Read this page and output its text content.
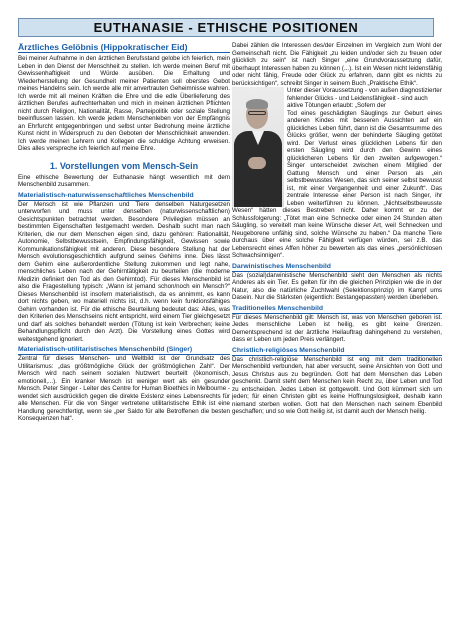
EUTHANASIE - ETHISCHE POSITIONEN
Ärztliches Gelöbnis (Hippokratischer Eid)

Bei meiner Aufnahme in den ärztlichen Berufsstand gelobe ich feierlich, mein Leben in den Dienst der Menschheit zu stellen. Ich werde meinen Beruf mit Gewissenhaftigkeit und Würde ausüben. Die Erhaltung und Wiederherstellung der Gesundheit meiner Patienten soll oberstes Gebot meines Handelns sein. Ich werde alle mir anvertrauten Geheimnisse wahren. Ich werde mit all meinen Kräften die Ehre und die edle Überlieferung des ärztlichen Berufes aufrechterhalten und mich in meinen ärztlichen Pflichten nicht durch Religion, Nationalität, Rasse, Parteipolitik oder soziale Stellung beeinflussen lassen. Ich werde jedem Menschenleben von der Empfängnis an Ehrfurcht entgegenbringen und selbst unter Bedrohung meine ärztliche Kunst nicht in Widerspruch zu den Geboten der Menschlichkeit anwenden. Ich werde meinen Lehrern und Kollegen die schuldige Achtung erweisen. Dies alles verspreche ich feierlich auf meine Ehre.

1. Vorstellungen vom Mensch-Sein

Eine ethische Bewertung der Euthanasie hängt wesentlich mit dem Menschenbild zusammen.

Materialistisch-naturwissenschaftliches Menschenbild

Der Mensch ist wie Pflanzen und Tiere denselben Naturgesetzen unterworfen und muss unter denselben (naturwissenschaftlichen) Gesichtspunkten betrachtet werden. Besondere Privilegien müssen an bestimmten Eigenschaften festgemacht werden. Deshalb sucht man nach Kriterien, die nur dem Menschen eigen sind, dazu gehören: Rationalität, Autonomie, Selbstbewusstsein, Empfindungsfähigkeit, Gewissen sowie Kommunikationsfähigkeit mit anderen. Diese besondere Stellung hat der Mensch evolutionsgeschichtlich aufgrund seines Gehirns inne. Dies lässt dem Gehirn eine außerordentliche Stellung zukommen und legt nahe, menschliches Leben nach der Gehirntätigkeit zu beurteilen (die moderne Medizin definiert den Tod als den Gehirntod). Für dieses Menschenbild ist also die Fragestellung typisch: „Wann ist jemand schon/noch ein Mensch?“ Dieses Menschenbild ist insofern materialistisch, da es annimmt, es kann dort nichts geben, wo materiell nichts ist, d.h. wenn kein funktionsfähiges Gehirn vorhanden ist. Für die ethische Beurteilung bedeutet das: Alles, was den Kriterien des Menschseins nicht entspricht, wird einem Tier gleichgesetzt und darf als solches behandelt werden (Tötung ist kein Verbrechen; keine Behandlungspflicht durch den Arzt). Die Vorstellung eines Gottes wird weitestgehend ignoriert.

Materialistisch-utilitaristisches Menschenbild (Singer)

Zentral für dieses Menschen- und Weltbild ist der Grundsatz des Utilitarismus: „das größtmögliche Glück der größtmöglichen Zahl“. Der Mensch wird nach seinem sozialen Nutzwert beurteilt (ökonomisch, emotionell,...). Ein kranker Mensch ist weniger wert als ein gesunder Mensch. Peter Singer - Leiter des Centre for Human Bioethics in Melbourne - wendet sich ausdrücklich gegen die direkte Existenz eines Lebensrechts für alle Menschen. Für die von Singer vertretene utilitaristische Ethik ist eine Handlung gerechtfertigt, wenn sie „per Saldo für alle Betroffenen die besten Konsequenzen hat“.

Dabei zählen die Interessen des/der Einzelnen im Vergleich zum Wohl der Gemeinschaft nicht. Die Fähigkeit „zu leiden und/oder sich zu freuen oder glücklich zu sein“ ist nach Singer „eine Grundvoraussetzung dafür, überhaupt Interessen haben zu können (...). Ist ein Wesen nicht leidensfähig oder nicht fähig, Freude oder Glück zu erfahren, dann gibt es nichts zu berücksichtigen“, schreibt Singer in seinem Buch „Praktische Ethik“.

Unter dieser Voraussetzung - von außen diagnostizierter fehlender Glücks - und Leidensfähigkeit - sind auch aktive Tötungen erlaubt: „Sofern der

Tod eines geschädigten Säuglings zur Geburt eines anderen Kindes mit besseren Aussichten auf ein glückliches Leben führt, dann ist die Gesamtsumme des Glücks größer, wenn der behinderte Säugling getötet wird. Der Verlust eines glücklichen Lebens für den ersten Säugling wird durch den Gewinn eines glücklicheren Lebens für den zweiten aufgewogen.“ Singer unterscheidet zwischen einem Mitglied der Gattung Mensch und einer Person als „ein selbstbewusstes Wesen, das sich seiner selbst bewusst ist, mit einer Vergangenheit und einer Zukunft“. Das zentrale Interesse einer Person ist nach Singer, ihr Leben weiterführen zu können. „Nichtselbstbewusste Wesen“ hätten dieses Bestreben nicht. Daher kommt er zu der Schlussfolgerung: „Tötet man eine Schnecke oder einen 24 Stunden alten Säugling, so vereitelt man keine Wünsche dieser Art, weil Schnecken und Neugeborene unfähig sind, solche Wünsche zu haben.“ Da manche Tiere durchaus über eine solche Fähigkeit verfügen würden, sei z.B. das Lebensrecht eines Affen höher zu bewerten als das eines „persönlichlosen Schwachsinnigen“.

Darwinistisches Menschenbild

Das (sozial)darwinistische Menschenbild sieht den Menschen als nichts Anderes als ein Tier. Es gelten für ihn die gleichen Prinzipien wie die in der Natur, also die natürliche Zuchtwahl (Selektionsprinzip) im Kampf ums Dasein. Nur die Stärksten (eigentlich: Bestangepassten) werden überleben.

Traditionelles Menschenbild

Für dieses Menschenbild gilt: Mensch ist, was von Menschen geboren ist. Jedes menschliche Leben ist heilig, es gibt keine Grenzen. Dementsprechend ist der ärztliche Heilauftrag dahingehend zu verstehen, dass er Leben um jeden Preis verlängert.

Christlich-religiöses Menschenbild

Das christlich-religiöse Menschenbild ist eng mit dem traditionellen Menschenbild verbunden, hat aber versucht, seine Ansichten von Gott und Jesus Christus aus zu begründen. Gott hat dem Menschen das Leben geschenkt. Damit steht dem Menschen kein Recht zu, über Leben und Tod zu entscheiden. Jedes Leben ist gottgewollt. Und Gott kümmert sich um jeden; für einen Christen gibt es keine Hoffnungslosigkeit, deshalb kann niemand sterben wollen. Gott hat den Menschen nach seinem Ebenbild geschaffen; und so wie Gott heilig ist, ist damit auch der Mensch heilig.
